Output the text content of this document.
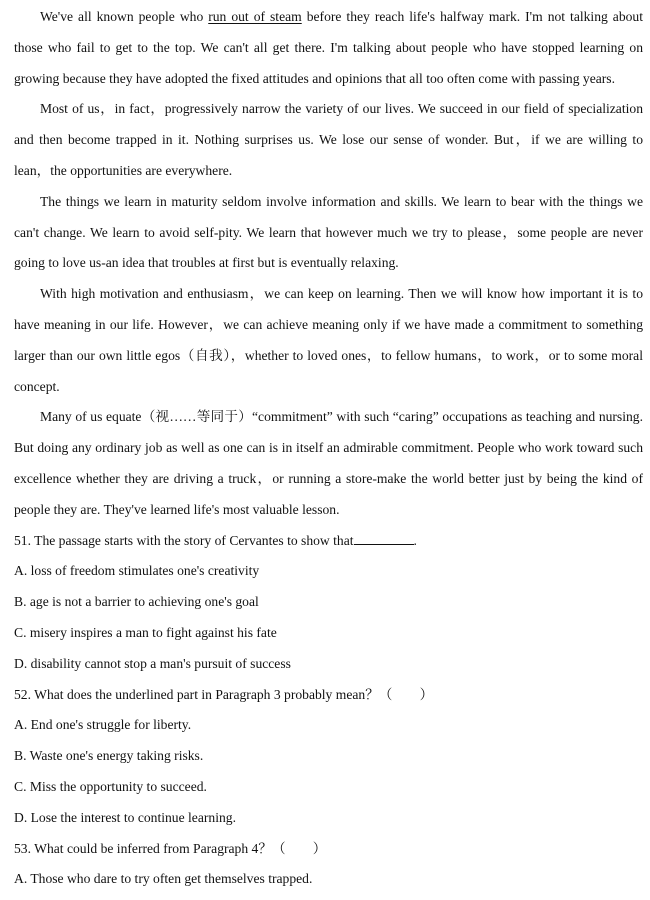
We've all known people who run out of steam before they reach life's halfway mark. I'm not talking about
those who fail to get to the top. We can't all get there. I'm talking about people who have stopped learning on
growing because they have adopted the fixed attitudes and opinions that all too often come with passing years.
Most of us，in fact，progressively narrow the variety of our lives. We succeed in our field of specialization
and then become trapped in it. Nothing surprises us. We lose our sense of wonder. But，if we are willing to
lean，the opportunities are everywhere.
The things we learn in maturity seldom involve information and skills. We learn to bear with the things we
can't change. We learn to avoid self-pity. We learn that however much we try to please，some people are never
going to love us-an idea that troubles at first but is eventually relaxing.
With high motivation and enthusiasm，we can keep on learning. Then we will know how important it is to
have meaning in our life. However，we can achieve meaning only if we have made a commitment to something
larger than our own little egos（自我），whether to loved ones，to fellow humans，to work，or to some moral
concept.
Many of us equate（视……等同于）“commitment” with such “caring” occupations as teaching and nursing.
But doing any ordinary job as well as one can is in itself an admirable commitment. People who work toward such
excellence whether they are driving a truck，or running a store-make the world better just by being the kind of
people they are. They've learned life's most valuable lesson.

51. The passage starts with the story of Cervantes to show that	.

A. loss of freedom stimulates one's creativity

B. age is not a barrier to achieving one's goal

C. misery inspires a man to fight against his fate

D. disability cannot stop a man's pursuit of success

52. What does the underlined part in Paragraph 3 probably mean？（　　）

A. End one's struggle for liberty.

B. Waste one's energy taking risks.

C. Miss the opportunity to succeed.

D. Lose the interest to continue learning.

53. What could be inferred from Paragraph 4？（　　）

A. Those who dare to try often get themselves trapped.
